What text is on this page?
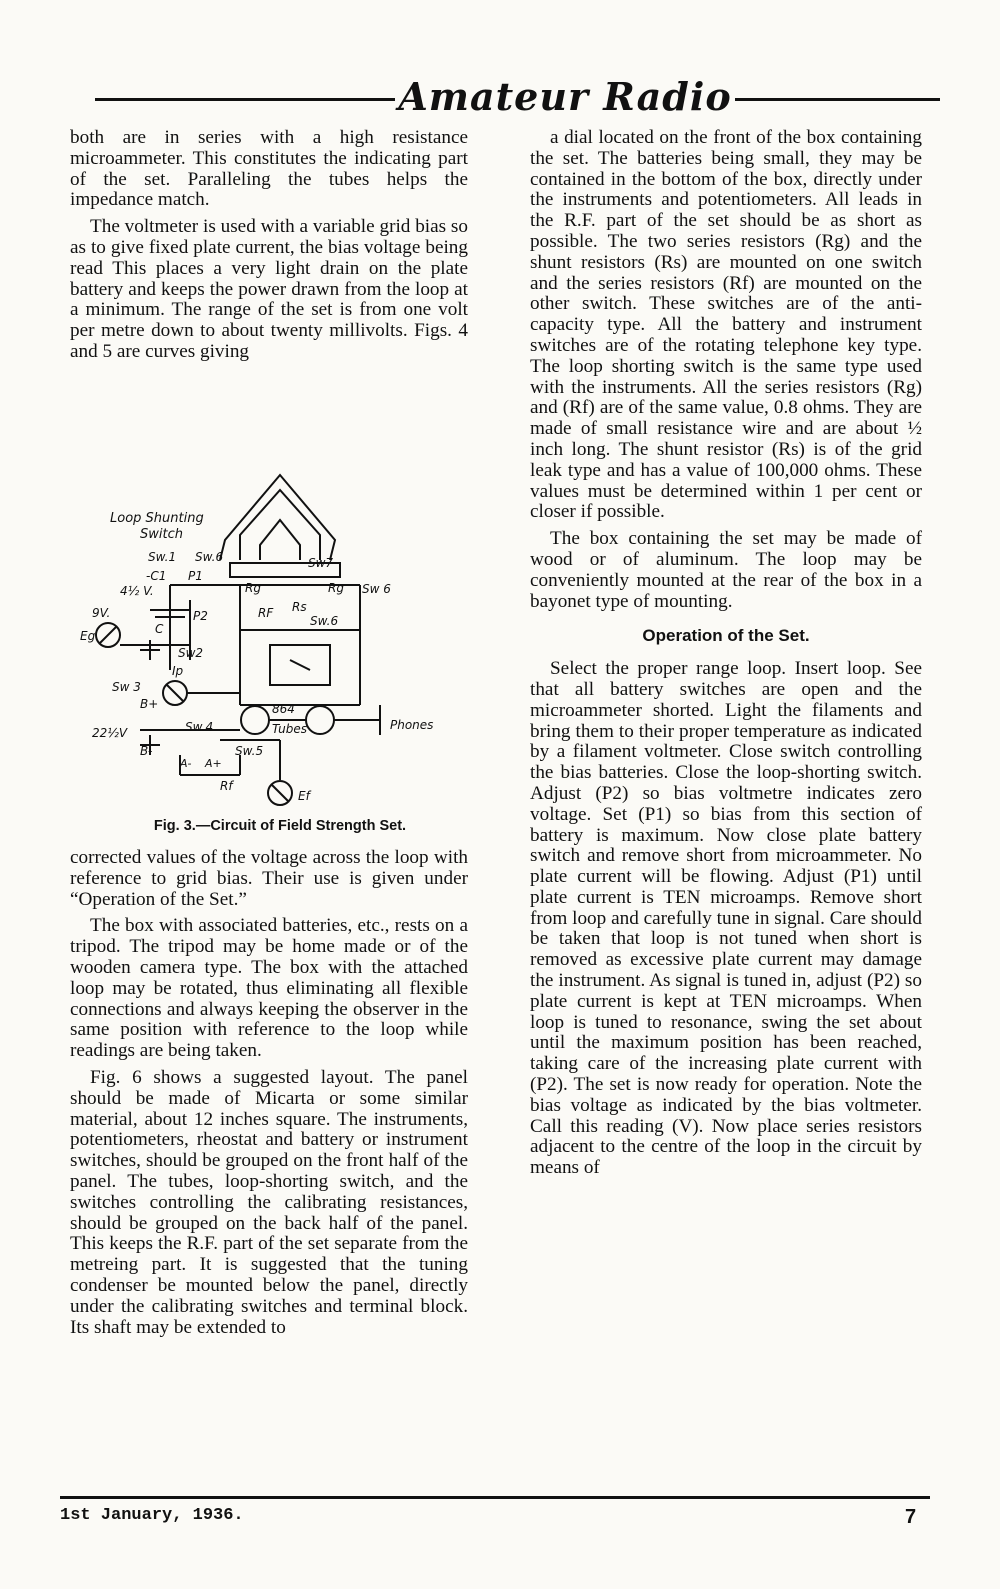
Amateur Radio

both are in series with a high resistance microammeter. This constitutes the indicating part of the set. Paralleling the tubes helps the impedance match.

The voltmeter is used with a variable grid bias so as to give fixed plate current, the bias voltage being read This places a very light drain on the plate battery and keeps the power drawn from the loop at a minimum. The range of the set is from one volt per metre down to about twenty millivolts. Figs. 4 and 5 are curves giving

Loop Shunting
Switch
Sw.1 Sw.6	Sw7
Sw 6
Sw.6
-C1 P1
4½ V.
9V.
C
Eg
P2
Sw2
Rg	Rg
RF Rs
Ip
Sw 3
B+
Sw.4
864
Tubes	Phones
22½V
B-
A- A+
Sw.5
Rf
Ef
Fig. 3.—Circuit of Field Strength Set.

corrected values of the voltage across the loop with reference to grid bias. Their use is given under “Operation of the Set.”

The box with associated batteries, etc., rests on a tripod. The tripod may be home made or of the wooden camera type. The box with the attached loop may be rotated, thus eliminating all flexible connections and always keeping the observer in the same position with reference to the loop while readings are being taken.

Fig. 6 shows a suggested layout. The panel should be made of Micarta or some similar material, about 12 inches square. The instruments, potentiometers, rheostat and battery or instrument switches, should be grouped on the front half of the panel. The tubes, loop-shorting switch, and the switches controlling the calibrating resistances, should be grouped on the back half of the panel. This keeps the R.F. part of the set separate from the metreing part. It is suggested that the tuning condenser be mounted below the panel, directly under the calibrating switches and terminal block. Its shaft may be extended to

a dial located on the front of the box containing the set. The batteries being small, they may be contained in the bottom of the box, directly under the instruments and potentiometers. All leads in the R.F. part of the set should be as short as possible. The two series resistors (Rg) and the shunt resistors (Rs) are mounted on one switch and the series resistors (Rf) are mounted on the other switch. These switches are of the anti-capacity type. All the battery and instrument switches are of the rotating telephone key type. The loop shorting switch is the same type used with the instruments. All the series resistors (Rg) and (Rf) are of the same value, 0.8 ohms. They are made of small resistance wire and are about ½ inch long. The shunt resistor (Rs) is of the grid leak type and has a value of 100,000 ohms. These values must be determined within 1 per cent or closer if possible.

The box containing the set may be made of wood or of aluminum. The loop may be conveniently mounted at the rear of the box in a bayonet type of mounting.

Operation of the Set.

Select the proper range loop. Insert loop. See that all battery switches are open and the microammeter shorted. Light the filaments and bring them to their proper temperature as indicated by a filament voltmeter. Close switch controlling the bias batteries. Close the loop-shorting switch. Adjust (P2) so bias voltmetre indicates zero voltage. Set (P1) so bias from this section of battery is maximum. Now close plate battery switch and remove short from microammeter. No plate current will be flowing. Adjust (P1) until plate current is TEN microamps. Remove short from loop and carefully tune in signal. Care should be taken that loop is not tuned when short is removed as excessive plate current may damage the instrument. As signal is tuned in, adjust (P2) so plate current is kept at TEN microamps. When loop is tuned to resonance, swing the set about until the maximum position has been reached, taking care of the increasing plate current with (P2). The set is now ready for operation. Note the bias voltage as indicated by the bias voltmeter. Call this reading (V). Now place series resistors adjacent to the centre of the loop in the circuit by means of

1st January, 1936.	7
